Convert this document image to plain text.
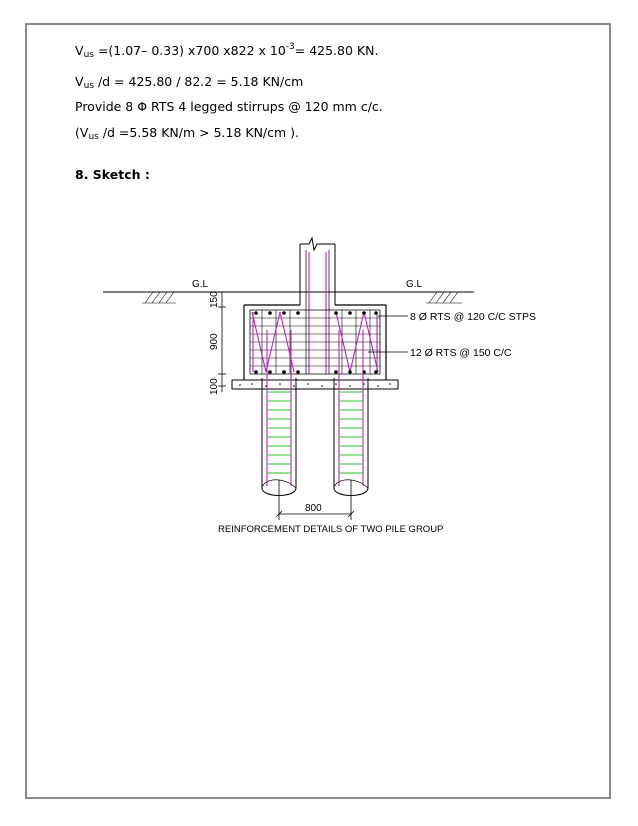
$V_{us} =(1.07-$ 0.33) x700 x822 x $10^{-3}= 425.80$ KN.
$V_{us}$ /d = 425.80 / 82.2 = 5.18 KN/cm
Provide 8 Φ RTS 4 legged stirrups @ 120 mm c/c.
($V_{us}$ /d =5.58 KN/m > 5.18 KN/cm ).
8. Sketch :
G.L	G.L
150
900
100
800
8 Ø RTS @ 120 C/C STPS
12 Ø RTS @ 150 C/C
REINFORCEMENT DETAILS OF TWO PILE GROUP
